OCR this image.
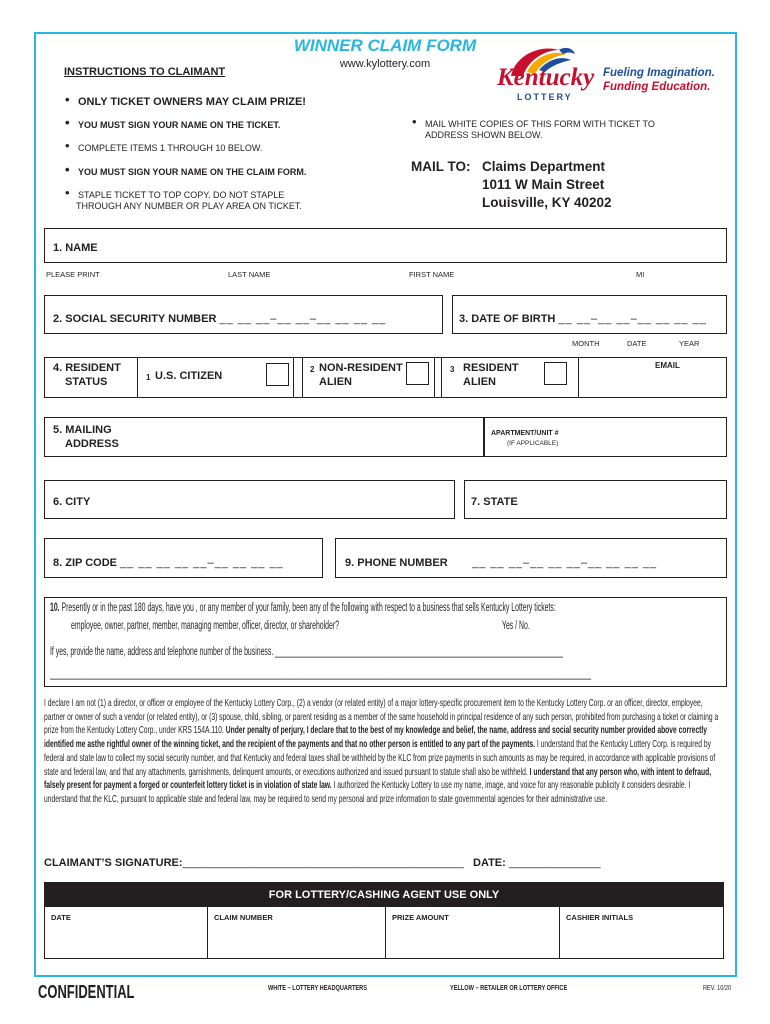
WINNER CLAIM FORM
www.kylottery.com	Kentucky
LOTTERY
Fueling Imagination.
Funding Education.
INSTRUCTIONS TO CLAIMANT
• ONLY TICKET OWNERS MAY CLAIM PRIZE!
• YOU MUST SIGN YOUR NAME ON THE TICKET.
• COMPLETE ITEMS 1 THROUGH 10 BELOW.
• YOU MUST SIGN YOUR NAME ON THE CLAIM FORM.
• STAPLE TICKET TO TOP COPY. DO NOT STAPLE
THROUGH ANY NUMBER OR PLAY AREA ON TICKET.
• MAIL WHITE COPIES OF THIS FORM WITH TICKET TO
ADDRESS SHOWN BELOW.
MAIL TO: Claims Department
1011 W Main Street
Louisville, KY 40202
1. NAME
PLEASE PRINT	LAST NAME	FIRST NAME	MI
2. SOCIAL SECURITY NUMBER __ __ __–__ __–__ __ __ __	3. DATE OF BIRTH __ __–__ __–__ __ __ __
MONTH	DATE	YEAR
4. RESIDENT
STATUS	1 U.S. CITIZEN
2 NON-RESIDENT
ALIEN
3 RESIDENT
ALIEN
EMAIL
5. MAILING
ADDRESS
APARTMENT/UNIT #
(IF APPLICABLE)
6. CITY	7. STATE
8. ZIP CODE __ __ __ __ __–__ __ __ __	9. PHONE NUMBER __ __ __–__ __ __–__ __ __ __
10. Presently or in the past 180 days, have you , or any member of your family, been any of the following with respect to a business that sells Kentucky Lottery tickets:
employee, owner, partner, member, managing member, officer, director, or shareholder?	Yes / No.
If yes, provide the name, address and telephone number of the business. ___________________________________________________________________________
_____________________________________________________________________________________________________________________________________________
I declare I am not (1) a director, or officer or employee of the Kentucky Lottery Corp., (2) a vendor (or related entity) of a major lottery-specific procurement item to the Kentucky Lottery Corp. or an officer, director, employee, partner or owner of such a vendor (or related entity), or (3) spouse, child, sibling, or parent residing as a member of the same household in principal residence of any such person, prohibited from purchasing a ticket or claiming a prize from the Kentucky Lottery Corp., under KRS 154A.110. Under penalty of perjury, I declare that to the best of my knowledge and belief, the name, address and social security number provided above correctly identified me asthe rightful owner of the winning ticket, and the recipient of the payments and that no other person is entitled to any part of the payments. I understand that the Kentucky Lottery Corp. is required by federal and state law to collect my social security number, and that Kentucky and federal taxes shall be withheld by the KLC from prize payments in such amounts as may be required, in accordance with applicable provisions of state and federal law, and that any attachments, garnishments, delinquent amounts, or executions authorized and issued pursuant to statute shall also be withheld. I understand that any person who, with intent to defraud, falsely present for payment a forged or counterfeit lottery ticket is in violation of state law. I authorized the Kentucky Lottery to use my name, image, and voice for any reasonable publicity it considers desirable. I understand that the KLC, pursuant to applicable state and federal law, may be required to send my personal and prize information to state governmental agencies for their administrative use.
CLAIMANT’S SIGNATURE:______________________________________________ DATE: _______________
FOR LOTTERY/CASHING AGENT USE ONLY
DATE	CLAIM NUMBER	PRIZE AMOUNT	CASHIER INITIALS
CONFIDENTIAL	WHITE – LOTTERY HEADQUARTERS	YELLOW – RETAILER OR LOTTERY OFFICE	REV. 10/20
